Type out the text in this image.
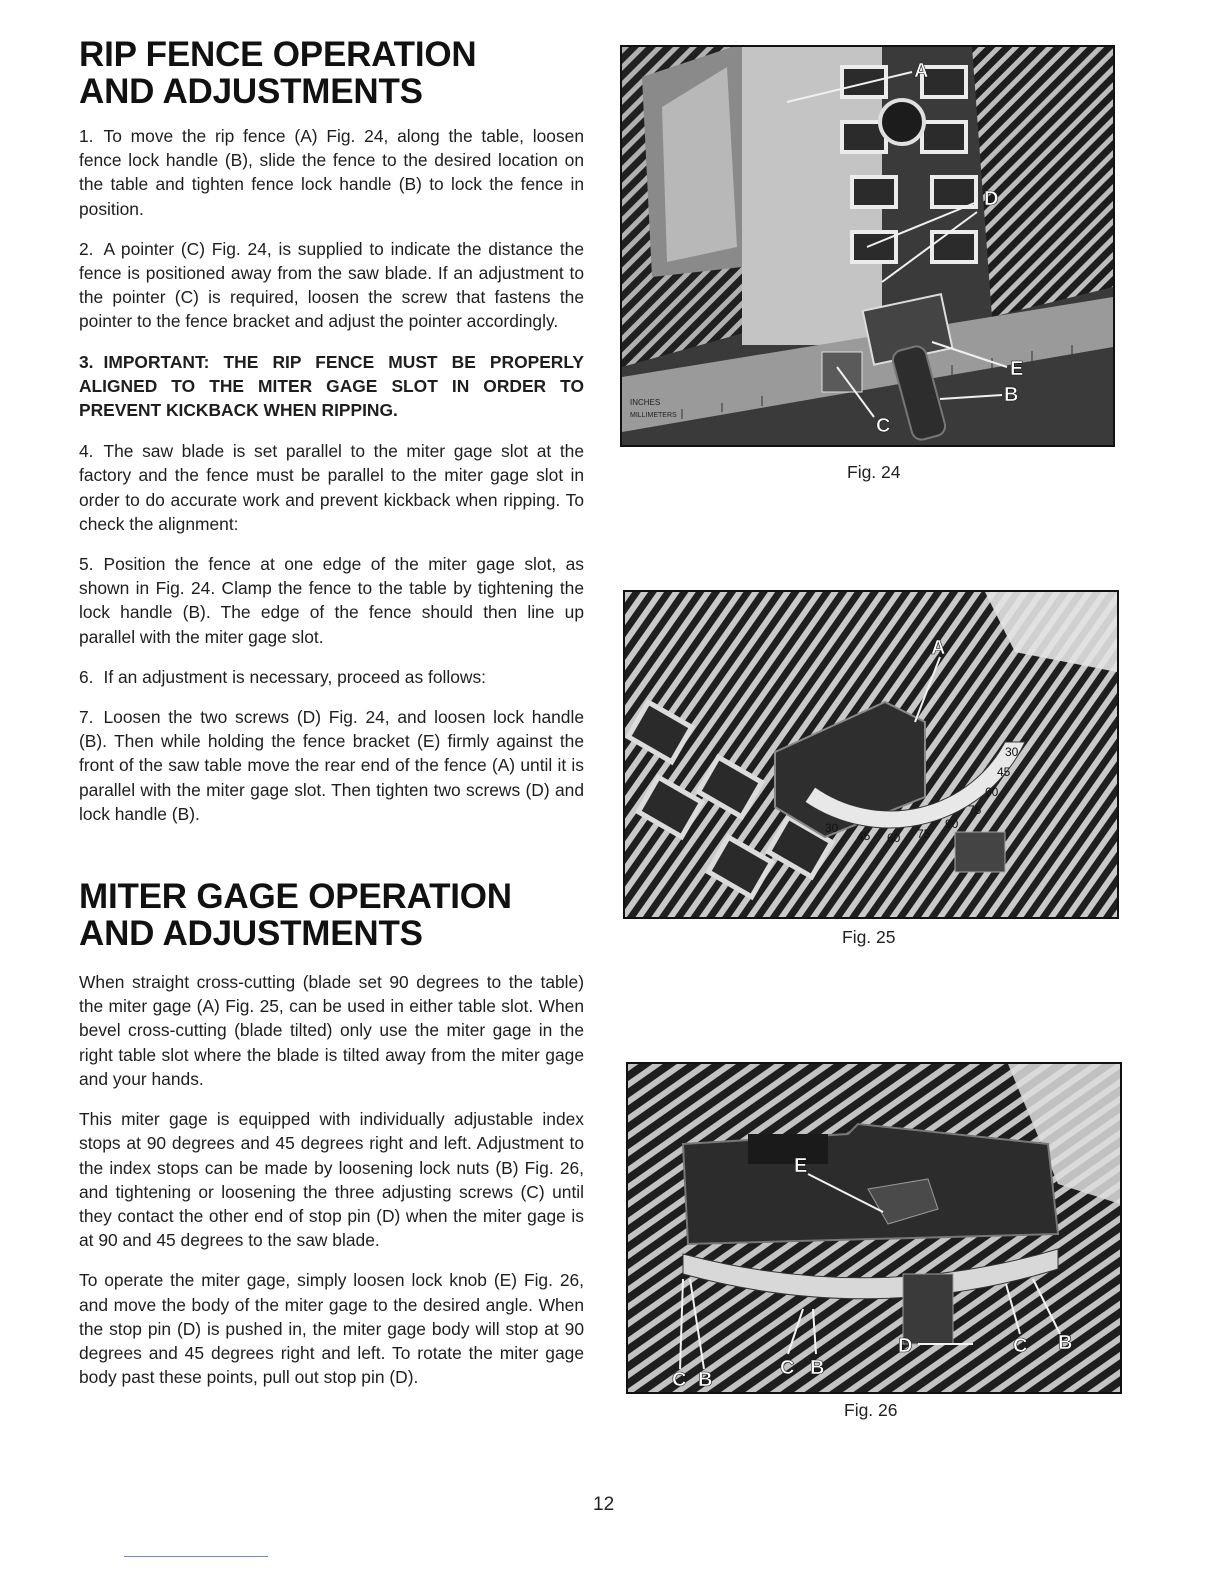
RIP FENCE OPERATION
AND ADJUSTMENTS

1. To move the rip fence (A) Fig. 24, along the table, loosen fence lock handle (B), slide the fence to the desired location on the table and tighten fence lock handle (B) to lock the fence in position.

2. A pointer (C) Fig. 24, is supplied to indicate the distance the fence is positioned away from the saw blade. If an adjustment to the pointer (C) is required, loosen the screw that fastens the pointer to the fence bracket and adjust the pointer accordingly.

3. IMPORTANT: THE RIP FENCE MUST BE PROPERLY ALIGNED TO THE MITER GAGE SLOT IN ORDER TO PREVENT KICKBACK WHEN RIPPING.

4. The saw blade is set parallel to the miter gage slot at the factory and the fence must be parallel to the miter gage slot in order to do accurate work and prevent kickback when ripping. To check the alignment:

5. Position the fence at one edge of the miter gage slot, as shown in Fig. 24. Clamp the fence to the table by tightening the lock handle (B). The edge of the fence should then line up parallel with the miter gage slot.

6. If an adjustment is necessary, proceed as follows:

7. Loosen the two screws (D) Fig. 24, and loosen lock handle (B). Then while holding the fence bracket (E) firmly against the front of the saw table move the rear end of the fence (A) until it is parallel with the miter gage slot. Then tighten two screws (D) and lock handle (B).

MITER GAGE OPERATION
AND ADJUSTMENTS

When straight cross-cutting (blade set 90 degrees to the table) the miter gage (A) Fig. 25, can be used in either table slot. When bevel cross-cutting (blade tilted) only use the miter gage in the right table slot where the blade is tilted away from the miter gage and your hands.

This miter gage is equipped with individually adjustable index stops at 90 degrees and 45 degrees right and left. Adjustment to the index stops can be made by loosening lock nuts (B) Fig. 26, and tightening or loosening the three adjusting screws (C) until they contact the other end of stop pin (D) when the miter gage is at 90 and 45 degrees to the saw blade.

To operate the miter gage, simply loosen lock knob (E) Fig. 26, and move the body of the miter gage to the desired angle. When the stop pin (D) is pushed in, the miter gage body will stop at 90 degrees and 45 degrees right and left. To rotate the miter gage body past these points, pull out stop pin (D).

INCHES
MILLIMETERS
A
D
E
B
C
Fig. 24
30
45 60 75
90
75
60
45
30
A
Fig. 25
E
D
C B
C B
C B
Fig. 26
12
